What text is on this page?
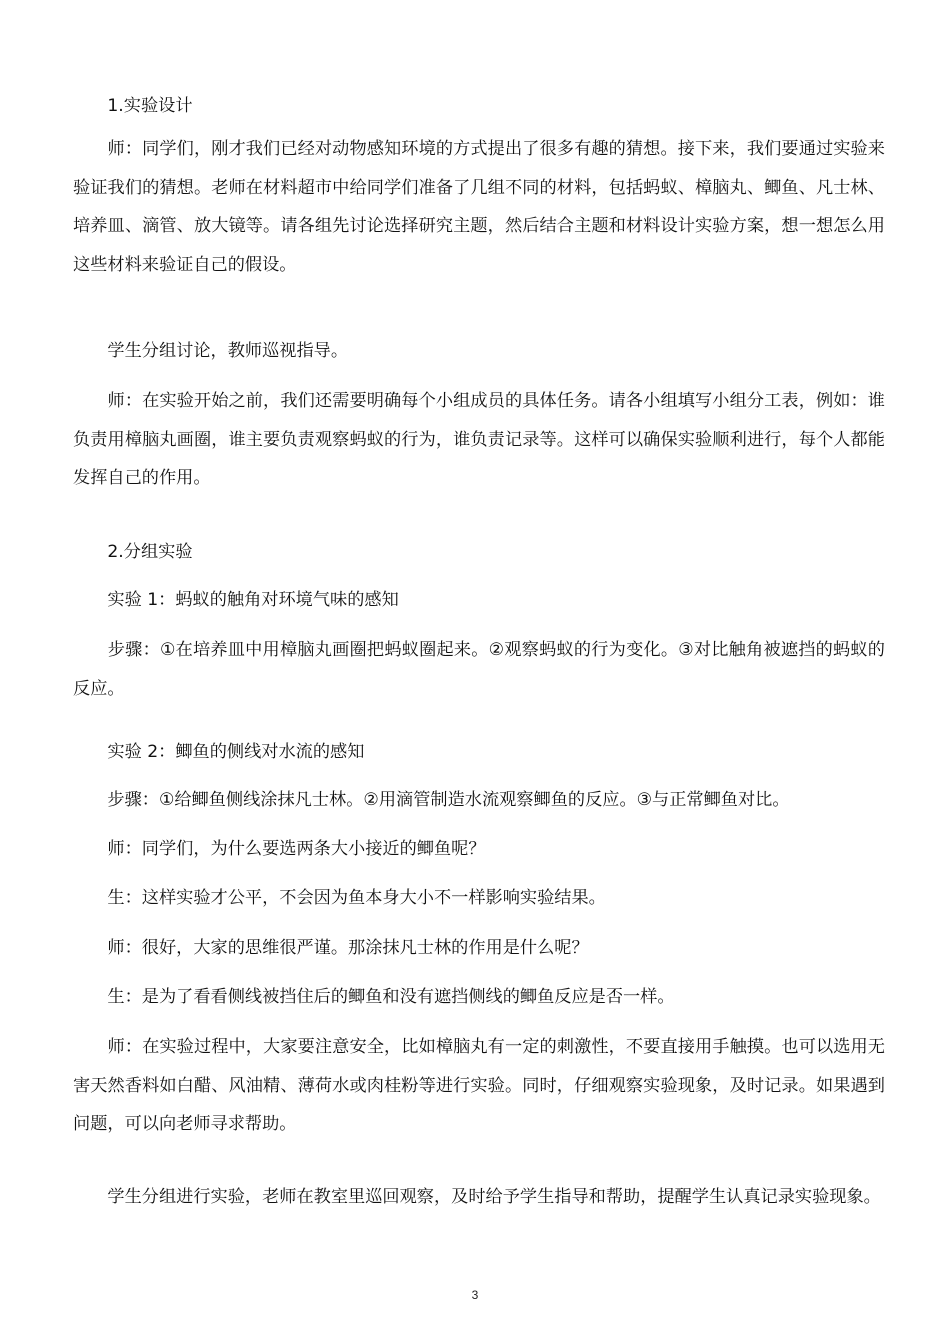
　　1.实验设计

　　师：同学们，刚才我们已经对动物感知环境的方式提出了很多有趣的猜想。接下来，我们要通过实验来验证我们的猜想。老师在材料超市中给同学们准备了几组不同的材料，包括蚂蚁、樟脑丸、鲫鱼、凡士林、培养皿、滴管、放大镜等。请各组先讨论选择研究主题，然后结合主题和材料设计实验方案，想一想怎么用这些材料来验证自己的假设。

　　学生分组讨论，教师巡视指导。

　　师：在实验开始之前，我们还需要明确每个小组成员的具体任务。请各小组填写小组分工表，例如：谁负责用樟脑丸画圈，谁主要负责观察蚂蚁的行为，谁负责记录等。这样可以确保实验顺利进行，每个人都能发挥自己的作用。

　　2.分组实验

　　实验 1：蚂蚁的触角对环境气味的感知

　　步骤：①在培养皿中用樟脑丸画圈把蚂蚁圈起来。②观察蚂蚁的行为变化。③对比触角被遮挡的蚂蚁的反应。

　　实验 2：鲫鱼的侧线对水流的感知

　　步骤：①给鲫鱼侧线涂抹凡士林。②用滴管制造水流观察鲫鱼的反应。③与正常鲫鱼对比。

　　师：同学们，为什么要选两条大小接近的鲫鱼呢？

　　生：这样实验才公平，不会因为鱼本身大小不一样影响实验结果。

　　师：很好，大家的思维很严谨。那涂抹凡士林的作用是什么呢？

　　生：是为了看看侧线被挡住后的鲫鱼和没有遮挡侧线的鲫鱼反应是否一样。

　　师：在实验过程中，大家要注意安全，比如樟脑丸有一定的刺激性，不要直接用手触摸。也可以选用无害天然香料如白醋、风油精、薄荷水或肉桂粉等进行实验。同时，仔细观察实验现象，及时记录。如果遇到问题，可以向老师寻求帮助。

　　学生分组进行实验，老师在教室里巡回观察，及时给予学生指导和帮助，提醒学生认真记录实验现象。

3
